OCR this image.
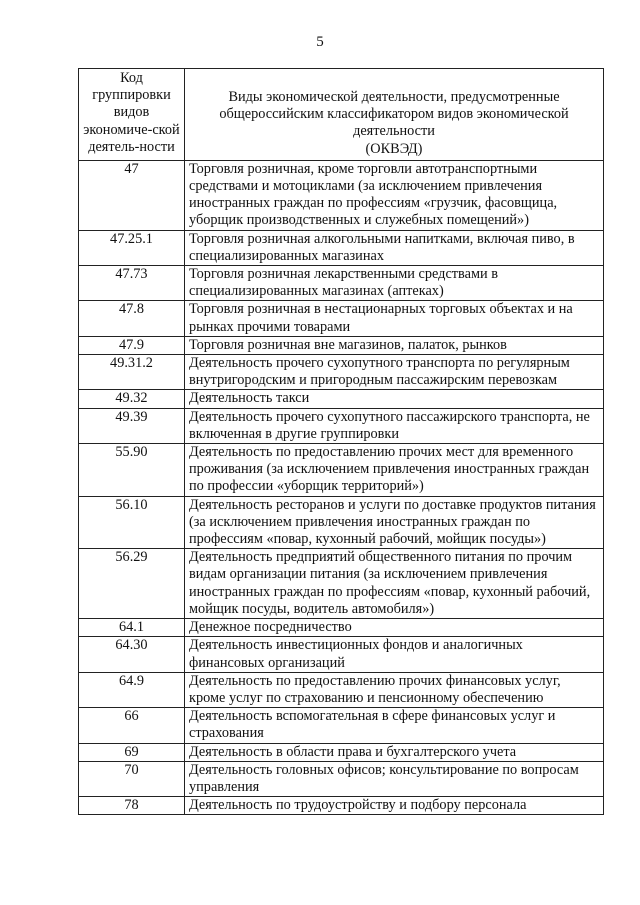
5
Код группировки видов экономиче-ской деятель-ности	Виды экономической деятельности, предусмотренные общероссийским классификатором видов экономической деятельности
(ОКВЭД)

47	Торговля розничная, кроме торговли автотранспортными средствами и мотоциклами (за исключением привлечения иностранных граждан по профессиям «грузчик, фасовщица, уборщик производственных и служебных помещений»)
47.25.1	Торговля розничная алкогольными напитками, включая пиво, в специализированных магазинах
47.73	Торговля розничная лекарственными средствами в специализированных магазинах (аптеках)
47.8	Торговля розничная в нестационарных торговых объектах и на рынках прочими товарами
47.9	Торговля розничная вне магазинов, палаток, рынков
49.31.2	Деятельность прочего сухопутного транспорта по регулярным внутригородским и пригородным пассажирским перевозкам
49.32	Деятельность такси
49.39	Деятельность прочего сухопутного пассажирского транспорта, не включенная в другие группировки
55.90	Деятельность по предоставлению прочих мест для временного проживания (за исключением привлечения иностранных граждан по профессии «уборщик территорий»)
56.10	Деятельность ресторанов и услуги по доставке продуктов питания (за исключением привлечения иностранных граждан по профессиям «повар, кухонный рабочий, мойщик посуды»)
56.29	Деятельность предприятий общественного питания по прочим видам организации питания (за исключением привлечения иностранных граждан по профессиям «повар, кухонный рабочий, мойщик посуды, водитель автомобиля»)
64.1	Денежное посредничество
64.30	Деятельность инвестиционных фондов и аналогичных финансовых организаций
64.9	Деятельность по предоставлению прочих финансовых услуг, кроме услуг по страхованию и пенсионному обеспечению
66	Деятельность вспомогательная в сфере финансовых услуг и страхования
69	Деятельность в области права и бухгалтерского учета
70	Деятельность головных офисов; консультирование по вопросам управления
78	Деятельность по трудоустройству и подбору персонала
